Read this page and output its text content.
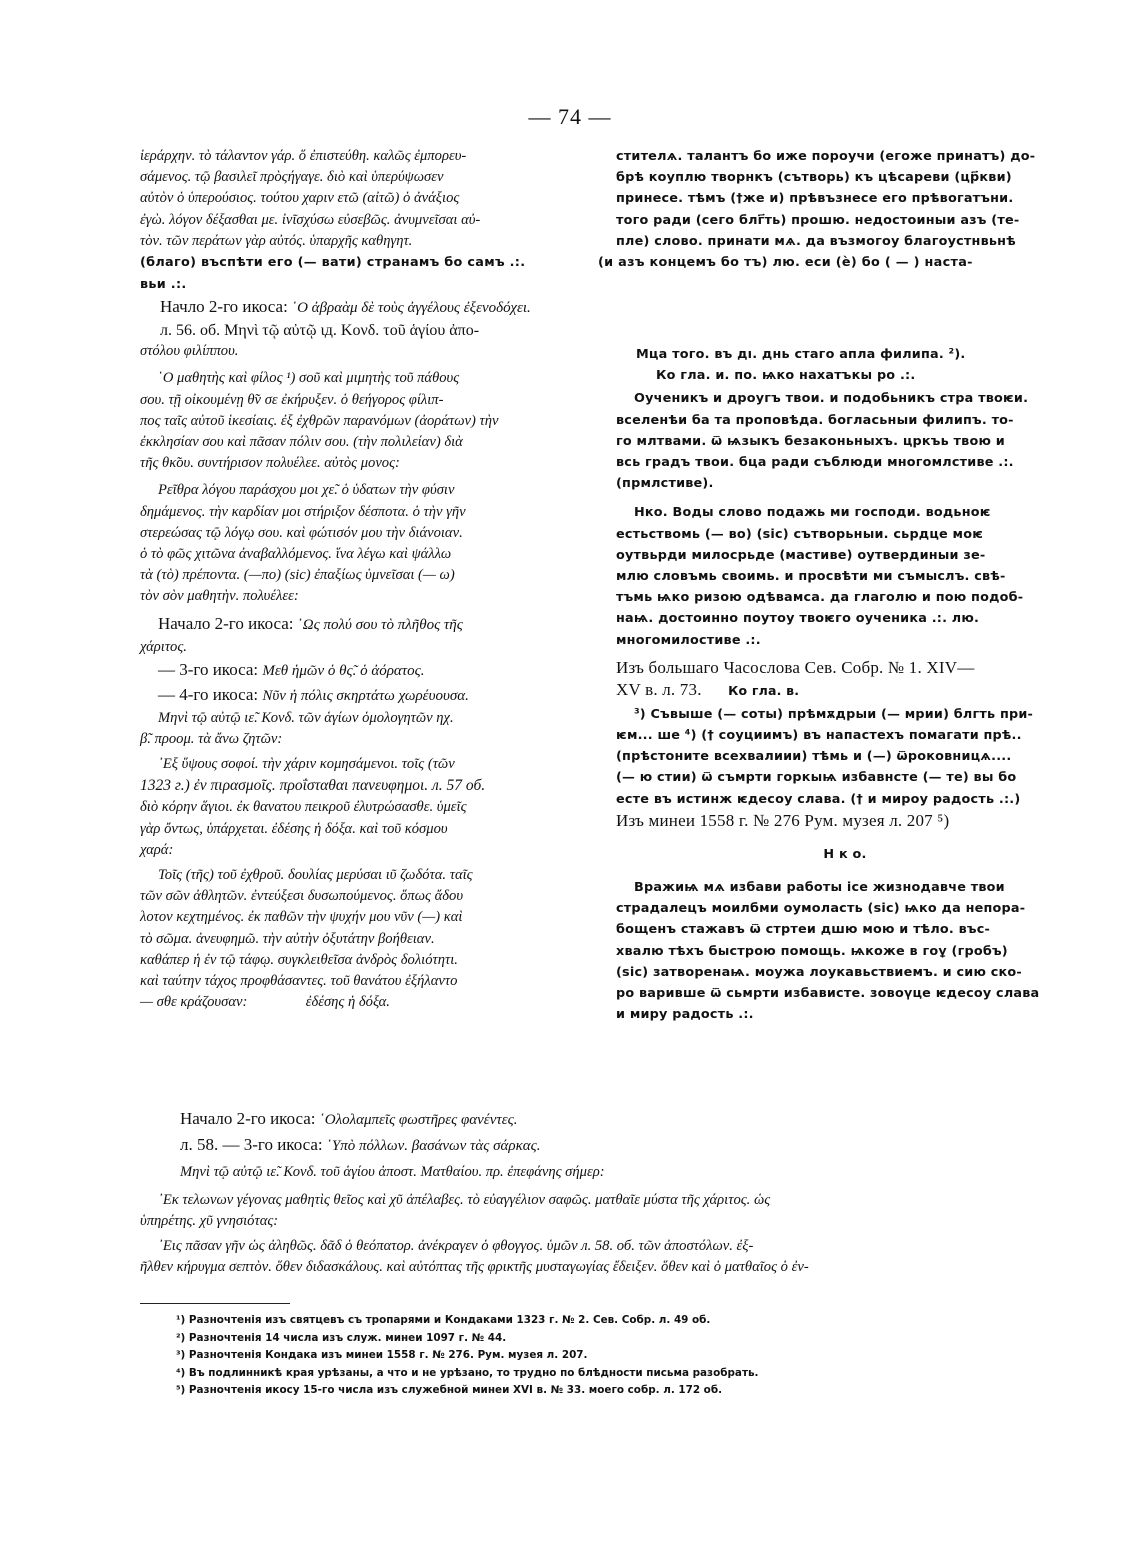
— 74 —

ἱεράρχην. τὸ τάλαντον γάρ. ὅ ἐπιστεύθη. καλῶς ἐμπορευ-

σάμενος. τῷ βασιλεῖ πρὸςήγαγε. διὸ καὶ ὑπερύψωσεν

αὐτὸν ὁ ὑπερούσιος. τούτου χαριν ετῶ (αἰτῶ) ὁ ἀνάξιος

ἐγὼ. λόγον δέξασθαι με. ἰνῖσχύσω εὐσεβῶς. ἀνυμνεῖσαι αὐ-

τὸν. τῶν περάτων γὰρ αὐτός. ὑπαρχῆς καθηγητ.

стителѧ. талантъ бо иже пороучи (егоже принатъ) до-

брѣ коуплю творнкъ (сътворь) къ цѣсареви (цр҃кви)

принесе. тѣмъ (†же и) прѣвъзнесе его прѣвогатъни.

того ради (сего блг҃ть) прошю. недостоиныи азъ (те-

пле) слово. принати мѧ. да възмогоу благоустнвьнѣ

(благо) въспѣти его (— вати) странамъ бо самъ .:.	(и азъ концемъ бо тъ) лю. еси (ѐ) бо ( — ) наста-
вьи .:.
Начло 2-го икоса: ῾Ο ἀβραὰμ δὲ τοὺς ἀγγέλους ἐξενοδόχει.

л. 56. об. Μηνὶ τῷ αὐτῷ ιд. Κονδ. τοῦ ἁγίου ἀπο-

στόλου φιλίππου.

῾Ο μαθητὴς καὶ φίλος ¹) σοῦ καὶ μιμητὴς τοῦ πάθους

σου. τῇ οἰκουμένῃ θ̃ν σε ἐκήρυξεν. ὁ θεήγορος φίλιπ-

πος ταῖς αὐτοῦ ἱκεσίαις. ἐξ ἐχθρῶν παρανόμων (ἀοράτων) τὴν

ἐκκλησίαν σου καὶ πᾶσαν πόλιν σου. (τὴν πολιλείαν) διὰ

τῆς θκ̃ου. συντήρισον πολυέλεε. αὐτὸς μονος:

Ρεῖθρα λόγου παράσχου μοι χε̃. ὁ ὑδατων τὴν φύσιν

δημάμενος. τὴν καρδίαν μοι στήριξον δέσποτα. ὁ τὴν γῆν

στερεώσας τῷ λόγῳ σου. καὶ φώτισόν μου τὴν διάνοιαν.

ὁ τὸ φῶς χιτῶνα ἀναβαλλόμενος. ἵνα λέγω καὶ ψάλλω

τὰ (τὸ) πρέποντα. (—πο) (sic) ἐπαξίως ὑμνεῖσαι (— ω)

τὸν σὸν μαθητὴν. πολυέλεε:

Начало 2-го икоса: ῾Ως πολύ σου τὸ πλῆθος τῆς

χάριτος.

— 3-го икоса: Μεθ ἡμῶν ὁ θς̃. ὁ ἀόρατος.

— 4-го икоса: Νῦν ἡ πόλις σκηρτάτω χωρέυουσα.

Μηνὶ τῷ αὐτῷ ιε̃. Κονδ. τῶν ἁγίων ὁμολογητῶν ηχ.

β̃. προομ. τὰ ἄνω ζητῶν:

᾿Εξ ὕψους σοφοί. τὴν χάριν κομησάμενοι. τοῖς (τῶν

1323 г.) ἐν πιρασμοῖς. προΐσταθαι πανευφημοι. л. 57 об.

διὸ κόρην ἅγιοι. ἐκ θανατου πεικροῦ ἐλυτρώσασθε. ὑμεῖς

γὰρ ὄντως, ὑπάρχεται. ἐδέσης ἡ δόξα. καὶ τοῦ κόσμου

χαρά:

Τοῖς (τῆς) τοῦ ἐχθροῦ. δουλίας μερύσαι ιῦ ζωδότα. ταῖς

τῶν σῶν ἀθλητῶν. ἐντεύξεσι δυσωπούμενος. ὅπως ἄδου

λοτον κεχτημένος. ἐκ παθῶν τὴν ψυχήν μου νῦν (—) καὶ

τὸ σῶμα. ἀνευφημῶ. τὴν αὐτὴν ὀξυτάτην βοήθειαν.

καθάπερ ἡ ἐν τῷ τάφῳ. συγκλειθεῖσα ἀνδρὸς δολιότητι.

καὶ ταύτην τάχος προφθάσαντες. τοῦ θανάτου ἐξήλαντο

— σθε κράζουσαν:                ἐδέσης ἡ δόξα.

Мца того. въ дı. днь стаго апла филипа. ²).

Ко гла. и. по. ѩко нахатъкы ро .:.

Оученикъ и дроугъ твои. и подобьникъ стра твоѥи.

вселенѣи ба та проповѣда. боглаcьныи филипъ. то-

го млтвами. ѿ ѩзыкъ безаконьныхъ. цркъь твою и

всь градъ твои. бца ради съблюди многомлстиве .:.

(прмлстиве).

Нко. Воды слово подажь ми господи. водьноѥ

естьствомь (— во) (sic) сътворьныи. сьрдце моѥ

оутвьрди милосрьде (мастиве) оутвердиныи зе-

млю словъмь своимь. и просвѣти ми съмыслъ. свѣ-

тъмь ѩко ризою одѣвамса. да глаголю и пою подоб-

наѩ. достоинно поутоу твоѥго оученика .:. лю.

многомилостиве .:.

Изъ большаго Часослова Сев. Собр. № 1. XIV—

XV в. л. 73. Ко гла. в.

³) Съвыше (— соты) прѣмѫдрыи (— мрии) блгть при-

ѥм... ше ⁴) († соуциимъ) въ напастехъ помагати прѣ..

(прѣстоните всехвалиии) тѣмь и (—) ѿроковницѧ....

(— ю стии) ѿ съмрти горкыѩ избавнсте (— те) вы бо

есте въ истинж ѥдесоу слава. († и мироу радость .:.)

Изъ минеи 1558 г. № 276 Рум. музея л. 207 ⁵)

Н к о.

Вражиѩ мѧ избави работы ісе жизнодавче твои

страдалецъ моилбми оумоласть (sic) ѩко да непора-

бощенъ стажавъ ѿ стртеи дшю мою и тѣло. въс-

хвалю тѣхъ быстрою помощь. ѩкоже в гоұ (гробъ)

(sic) затворенаѩ. моужа лоукавьствиемъ. и сию ско-

ро варивше ѿ сьмрти избависте. зовоүце ѥдесоу слава

и миру радость .:.

Начало 2-го икоса: ῾Ολολαμπεῖς φωστῆρες φανέντες.
л. 58. — 3-го икоса: ῾Υπὸ πόλλων. βασάνων τὰς σάρκας.
Μηνὶ τῷ αὐτῷ ιε̃. Κονδ. τοῦ ἁγίου ἀποστ. Ματθαίου. πρ. ἐπεφάνης σήμερ:
᾿Εκ τελωνων γέγονας μαθητὶς θεῖος καὶ χῦ ἀπέλαβες. τὸ εὐαγγέλιον σαφῶς. ματθαῖε μύστα τῆς χάριτος. ὡς
ὑπηρέτης. χῦ γνησιότας:
᾿Εις πᾶσαν γῆν ὡς ἀληθῶς. δᾶδ ὁ θεόπατορ. ἀνέκραγεν ὁ φθογγος. ὑμῶν л. 58. об. τῶν ἀποστόλων. ἐξ-
ῆλθεν κήρυγμα σεπτὸν. ὅθεν διδασκάλους. καὶ αὐτόπτας τῆς φρικτῆς μυσταγωγίας ἔδειξεν. ὅθεν καὶ ὁ ματθαῖος ὁ ἐν-
¹) Разночтенія изъ святцевъ съ тропарями и Кондаками 1323 г. № 2. Сев. Собр. л. 49 об.
²) Разночтенія 14 числа изъ служ. минеи 1097 г. № 44.
³) Разночтенія Кондака изъ минеи 1558 г. № 276. Рум. музея л. 207.
⁴) Въ подлинникѣ края урѣзаны, а что и не урѣзано, то трудно по блѣдности письма разобрать.
⁵) Разночтенія икосу 15-го числа изъ служебной минеи XVI в. № 33. моего собр. л. 172 об.
